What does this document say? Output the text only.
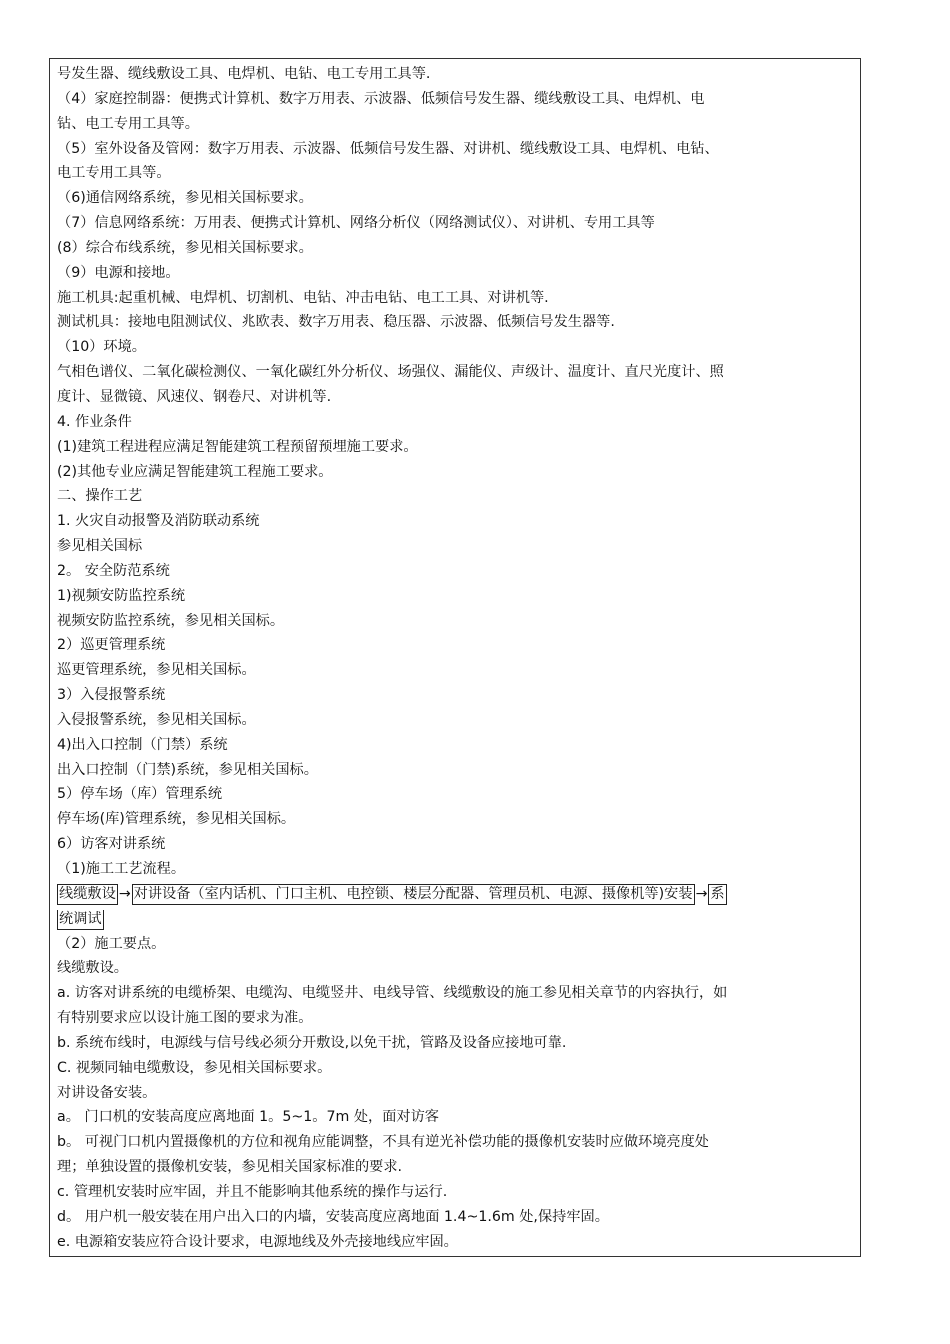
号发生器、缆线敷设工具、电焊机、电钻、电工专用工具等.
（4）家庭控制器：便携式计算机、数字万用表、示波器、低频信号发生器、缆线敷设工具、电焊机、电
钻、电工专用工具等。
（5）室外设备及管网：数字万用表、示波器、低频信号发生器、对讲机、缆线敷设工具、电焊机、电钻、
电工专用工具等。
（6)通信网络系统，参见相关国标要求。
（7）信息网络系统：万用表、便携式计算机、网络分析仪（网络测试仪）、对讲机、专用工具等
(8）综合布线系统，参见相关国标要求。
（9）电源和接地。
施工机具:起重机械、电焊机、切割机、电钻、冲击电钻、电工工具、对讲机等.
测试机具：接地电阻测试仪、兆欧表、数字万用表、稳压器、示波器、低频信号发生器等.
（10）环境。
气相色谱仪、二氧化碳检测仪、一氧化碳红外分析仪、场强仪、漏能仪、声级计、温度计、直尺光度计、照
度计、显微镜、风速仪、钢卷尺、对讲机等.
4. 作业条件
(1)建筑工程进程应满足智能建筑工程预留预埋施工要求。
(2)其他专业应满足智能建筑工程施工要求。
二、操作工艺
1. 火灾自动报警及消防联动系统
参见相关国标
2。 安全防范系统
1)视频安防监控系统
视频安防监控系统，参见相关国标。
2）巡更管理系统
巡更管理系统，参见相关国标。
3）入侵报警系统
入侵报警系统，参见相关国标。
4)出入口控制（门禁）系统
出入口控制（门禁)系统，参见相关国标。
5）停车场（库）管理系统
停车场(库)管理系统，参见相关国标。
6）访客对讲系统
（1)施工工艺流程。
线缆敷设 → 对讲设备（室内话机、门口主机、电控锁、楼层分配器、管理员机、电源、摄像机等)安装 → 系
统调试
（2）施工要点。
线缆敷设。
a. 访客对讲系统的电缆桥架、电缆沟、电缆竖井、电线导管、线缆敷设的施工参见相关章节的内容执行，如
有特别要求应以设计施工图的要求为准。
b. 系统布线时，电源线与信号线必须分开敷设,以免干扰，管路及设备应接地可靠.
C. 视频同轴电缆敷设，参见相关国标要求。
对讲设备安装。
a。 门口机的安装高度应离地面 1。5~1。7m 处，面对访客
b。 可视门口机内置摄像机的方位和视角应能调整，不具有逆光补偿功能的摄像机安装时应做环境亮度处
理；单独设置的摄像机安装，参见相关国家标准的要求.
c. 管理机安装时应牢固，并且不能影响其他系统的操作与运行.
d。 用户机一般安装在用户出入口的内墙，安装高度应离地面 1.4~1.6m 处,保持牢固。
e. 电源箱安装应符合设计要求，电源地线及外壳接地线应牢固。
